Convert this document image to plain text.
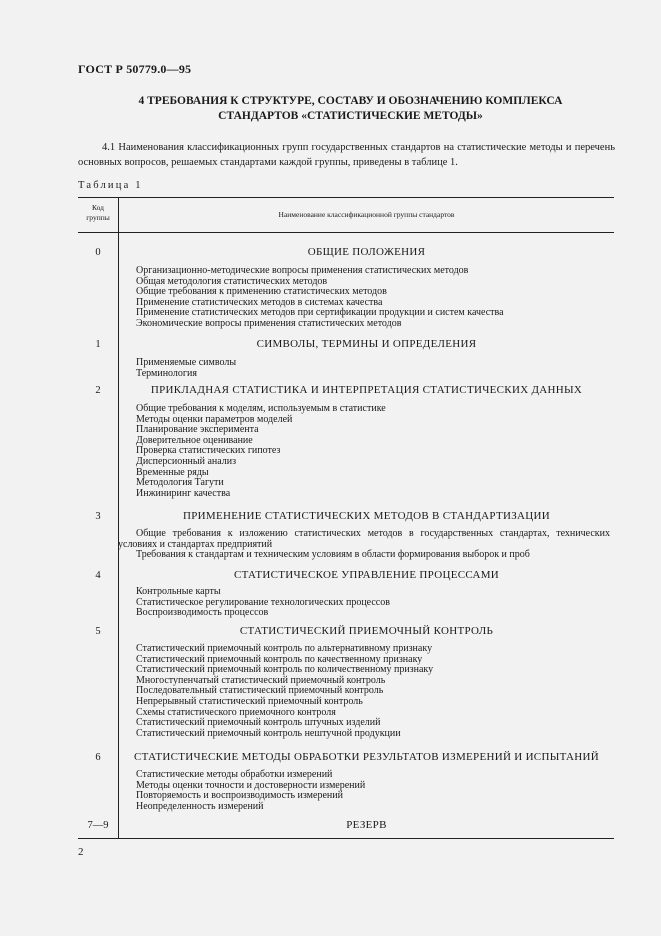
ГОСТ Р 50779.0—95
4 ТРЕБОВАНИЯ К СТРУКТУРЕ, СОСТАВУ И ОБОЗНАЧЕНИЮ КОМПЛЕКСА
СТАНДАРТОВ «СТАТИСТИЧЕСКИЕ МЕТОДЫ»

4.1 Наименования классификационных групп государственных стандартов на статистические методы и перечень основных вопросов, решаемых стандартами каждой группы, приведены в таблице 1.

Таблица 1
Код
группы	Наименование классификационной группы стандартов
0	ОБЩИЕ ПОЛОЖЕНИЯ
Организационно-методические вопросы применения статистических методов
Общая методология статистических методов
Общие требования к применению статистических методов
Применение статистических методов в системах качества
Применение статистических методов при сертификации продукции и систем качества
Экономические вопросы применения статистических методов
1	СИМВОЛЫ, ТЕРМИНЫ И ОПРЕДЕЛЕНИЯ
Применяемые символы
Терминология
2	ПРИКЛАДНАЯ СТАТИСТИКА И ИНТЕРПРЕТАЦИЯ СТАТИСТИЧЕСКИХ ДАННЫХ
Общие требования к моделям, используемым в статистике
Методы оценки параметров моделей
Планирование эксперимента
Доверительное оценивание
Проверка статистических гипотез
Дисперсионный анализ
Временные ряды
Методология Тагути
Инжиниринг качества
3	ПРИМЕНЕНИЕ СТАТИСТИЧЕСКИХ МЕТОДОВ В СТАНДАРТИЗАЦИИ
Общие требования к изложению статистических методов в государственных стандартах, технических условиях и стандартах предприятий
Требования к стандартам и техническим условиям в области формирования выборок и проб
4	СТАТИСТИЧЕСКОЕ УПРАВЛЕНИЕ ПРОЦЕССАМИ
Контрольные карты
Статистическое регулирование технологических процессов
Воспроизводимость процессов
5	СТАТИСТИЧЕСКИЙ ПРИЕМОЧНЫЙ КОНТРОЛЬ
Статистический приемочный контроль по альтернативному признаку
Статистический приемочный контроль по качественному признаку
Статистический приемочный контроль по количественному признаку
Многоступенчатый статистический приемочный контроль
Последовательный статистический приемочный контроль
Непрерывный статистический приемочный контроль
Схемы статистического приемочного контроля
Статистический приемочный контроль штучных изделий
Статистический приемочный контроль нештучной продукции
6	СТАТИСТИЧЕСКИЕ МЕТОДЫ ОБРАБОТКИ РЕЗУЛЬТАТОВ ИЗМЕРЕНИЙ И ИСПЫТАНИЙ
Статистические методы обработки измерений
Методы оценки точности и достоверности измерений
Повторяемость и воспроизводимость измерений
Неопределенность измерений
7—9	РЕЗЕРВ
2
